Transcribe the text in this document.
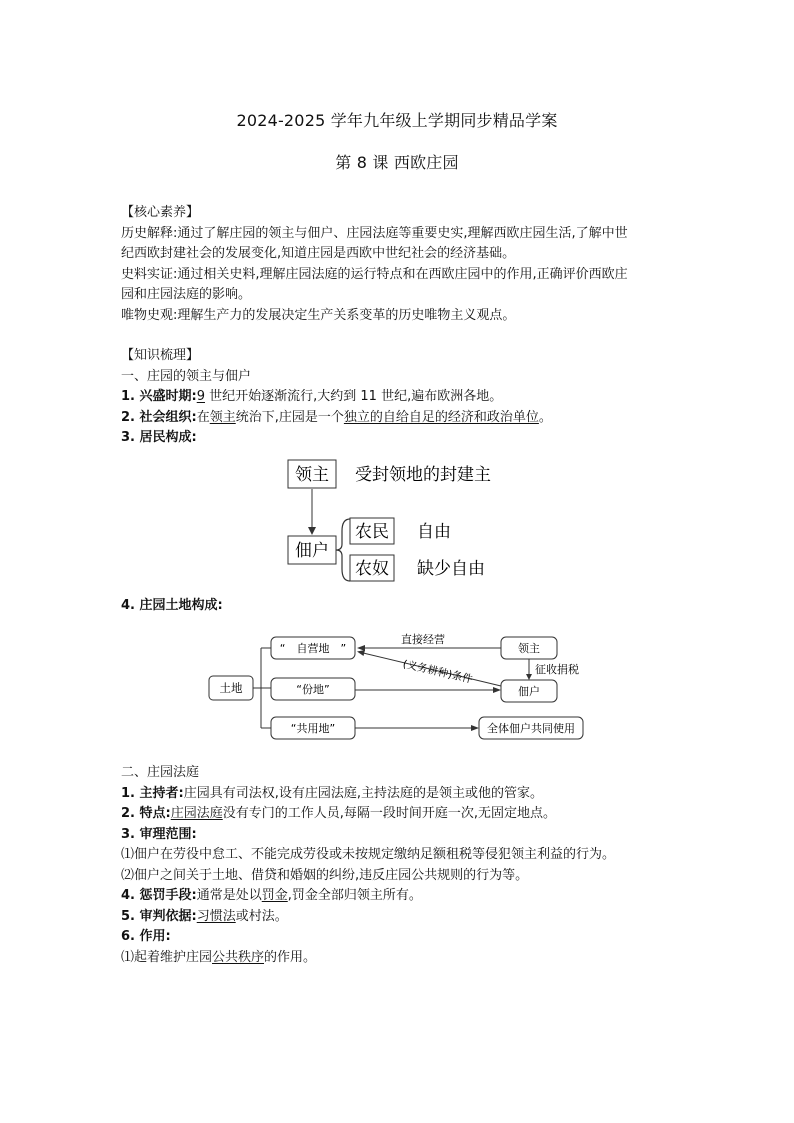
2024-2025 学年九年级上学期同步精品学案
第 8 课 西欧庄园
【核心素养】
历史解释:通过了解庄园的领主与佃户、庄园法庭等重要史实,理解西欧庄园生活,了解中世
纪西欧封建社会的发展变化,知道庄园是西欧中世纪社会的经济基础。
史料实证:通过相关史料,理解庄园法庭的运行特点和在西欧庄园中的作用,正确评价西欧庄
园和庄园法庭的影响。
唯物史观:理解生产力的发展决定生产关系变革的历史唯物主义观点。
【知识梳理】
一、庄园的领主与佃户
1. 兴盛时期:9 世纪开始逐渐流行,大约到 11 世纪,遍布欧洲各地。
2. 社会组织:在领主统治下,庄园是一个独立的自给自足的经济和政治单位。
3. 居民构成:
领主 受封领地的封建主
佃户
农民 自由
农奴 缺少自由
4. 庄园土地构成:
土地
“　自营地　”
“份地”
“共用地”
领主
佃户
全体佃户共同使用
直接经营
(义务耕种)条件	征收捐税
二、庄园法庭
1. 主持者:庄园具有司法权,设有庄园法庭,主持法庭的是领主或他的管家。
2. 特点:庄园法庭没有专门的工作人员,每隔一段时间开庭一次,无固定地点。
3. 审理范围:
⑴佃户在劳役中怠工、不能完成劳役或未按规定缴纳足额租税等侵犯领主利益的行为。
⑵佃户之间关于土地、借贷和婚姻的纠纷,违反庄园公共规则的行为等。
4. 惩罚手段:通常是处以罚金,罚金全部归领主所有。
5. 审判依据:习惯法或村法。
6. 作用:
⑴起着维护庄园公共秩序的作用。
